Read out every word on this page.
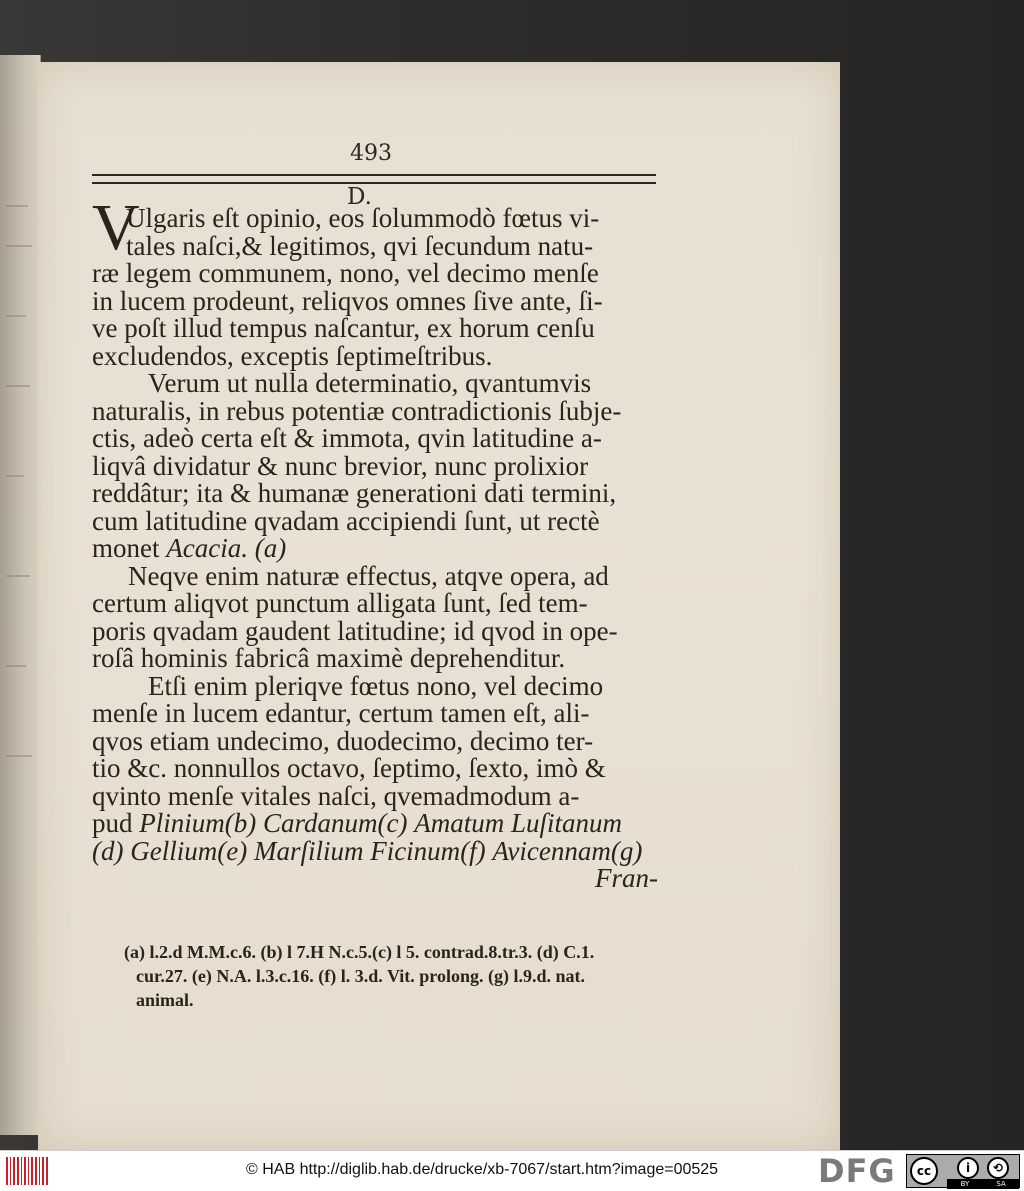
493
D.
V
Ulgaris eſt opinio, eos ſolummodò fœtus vi-
tales naſci,& legitimos, qvi ſecundum natu-
ræ legem communem, nono, vel decimo menſe
in lucem prodeunt, reliqvos omnes ſive ante, ſi-
ve poſt illud tempus naſcantur, ex horum cenſu
excludendos, exceptis ſeptimeſtribus.
Verum ut nulla determinatio, qvantumvis
naturalis, in rebus potentiæ contradictionis ſubje-
ctis, adeò certa eſt & immota, qvin latitudine a-
liqvâ dividatur & nunc brevior, nunc prolixior
reddâtur; ita & humanæ generationi dati termini,
cum latitudine qvadam accipiendi ſunt, ut rectè
monet Acacia. (a)
Neqve enim naturæ effectus, atqve opera, ad
certum aliqvot punctum alligata ſunt, ſed tem-
poris qvadam gaudent latitudine; id qvod in ope-
roſâ hominis fabricâ maximè deprehenditur.
Etſi enim pleriqve fœtus nono, vel decimo
menſe in lucem edantur, certum tamen eſt, ali-
qvos etiam undecimo, duodecimo, decimo ter-
tio &c. nonnullos octavo, ſeptimo, ſexto, imò &
qvinto menſe vitales naſci, qvemadmodum a-
pud Plinium(b) Cardanum(c) Amatum Luſitanum
(d) Gellium(e) Marſilium Ficinum(f) Avicennam(g)
Fran-
(a) l.2.d M.M.c.6. (b) l 7.H N.c.5.(c) l 5. contrad.8.tr.3. (d) C.1.
cur.27. (e) N.A. l.3.c.16. (f) l. 3.d. Vit. prolong. (g) l.9.d. nat.
animal.
© HAB http://diglib.hab.de/drucke/xb-7067/start.htm?image=00525	DFG	cc	i	⟲
BY	SA
